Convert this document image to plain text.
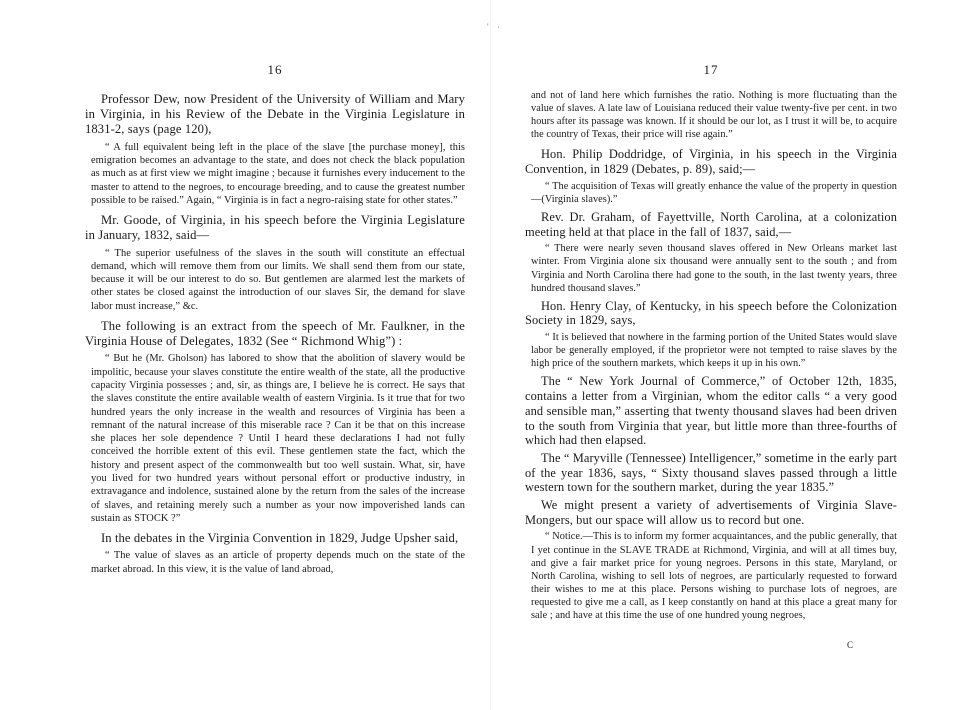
' ·
16

Professor Dew, now President of the University of William and Mary in Virginia, in his Review of the Debate in the Virginia Legislature in 1831-2, says (page 120),

“ A full equivalent being left in the place of the slave [the purchase money], this emigration becomes an advantage to the state, and does not check the black population as much as at first view we might imagine ; because it furnishes every inducement to the master to attend to the negroes, to encourage breeding, and to cause the greatest number possible to be raised.” Again, “ Virginia is in fact a negro-raising state for other states.”

Mr. Goode, of Virginia, in his speech before the Virginia Legislature in January, 1832, said—

“ The superior usefulness of the slaves in the south will constitute an effectual demand, which will remove them from our limits. We shall send them from our state, because it will be our interest to do so. But gentlemen are alarmed lest the markets of other states be closed against the introduction of our slaves Sir, the demand for slave labor must increase,” &c.

The following is an extract from the speech of Mr. Faulkner, in the Virginia House of Delegates, 1832 (See “ Richmond Whig”) :

“ But he (Mr. Gholson) has labored to show that the abolition of slavery would be impolitic, because your slaves constitute the entire wealth of the state, all the productive capacity Virginia possesses ; and, sir, as things are, I believe he is correct. He says that the slaves constitute the entire available wealth of eastern Virginia. Is it true that for two hundred years the only increase in the wealth and resources of Virginia has been a remnant of the natural increase of this miserable race ? Can it be that on this increase she places her sole dependence ? Until I heard these declarations I had not fully conceived the horrible extent of this evil. These gentlemen state the fact, which the history and present aspect of the commonwealth but too well sustain. What, sir, have you lived for two hundred years without personal effort or productive industry, in extravagance and indolence, sustained alone by the return from the sales of the increase of slaves, and retaining merely such a number as your now impoverished lands can sustain as STOCK ?”

In the debates in the Virginia Convention in 1829, Judge Upsher said,

“ The value of slaves as an article of property depends much on the state of the market abroad. In this view, it is the value of land abroad,

17

and not of land here which furnishes the ratio. Nothing is more fluctuating than the value of slaves. A late law of Louisiana reduced their value twenty-five per cent. in two hours after its passage was known. If it should be our lot, as I trust it will be, to acquire the country of Texas, their price will rise again.”

Hon. Philip Doddridge, of Virginia, in his speech in the Virginia Convention, in 1829 (Debates, p. 89), said;—

“ The acquisition of Texas will greatly enhance the value of the property in question—(Virginia slaves).”

Rev. Dr. Graham, of Fayettville, North Carolina, at a colonization meeting held at that place in the fall of 1837, said,—

“ There were nearly seven thousand slaves offered in New Orleans market last winter. From Virginia alone six thousand were annually sent to the south ; and from Virginia and North Carolina there had gone to the south, in the last twenty years, three hundred thousand slaves.”

Hon. Henry Clay, of Kentucky, in his speech before the Colonization Society in 1829, says,

“ It is believed that nowhere in the farming portion of the United States would slave labor be generally employed, if the proprietor were not tempted to raise slaves by the high price of the southern markets, which keeps it up in his own.”

The “ New York Journal of Commerce,” of October 12th, 1835, contains a letter from a Virginian, whom the editor calls “ a very good and sensible man,” asserting that twenty thousand slaves had been driven to the south from Virginia that year, but little more than three-fourths of which had then elapsed.

The “ Maryville (Tennessee) Intelligencer,” sometime in the early part of the year 1836, says, “ Sixty thousand slaves passed through a little western town for the southern market, during the year 1835.”

We might present a variety of advertisements of Virginia Slave-Mongers, but our space will allow us to record but one.

“ Notice.—This is to inform my former acquaintances, and the public generally, that I yet continue in the SLAVE TRADE at Richmond, Virginia, and will at all times buy, and give a fair market price for young negroes. Persons in this state, Maryland, or North Carolina, wishing to sell lots of negroes, are particularly requested to forward their wishes to me at this place. Persons wishing to purchase lots of negroes, are requested to give me a call, as I keep constantly on hand at this place a great many for sale ; and have at this time the use of one hundred young negroes,

C
